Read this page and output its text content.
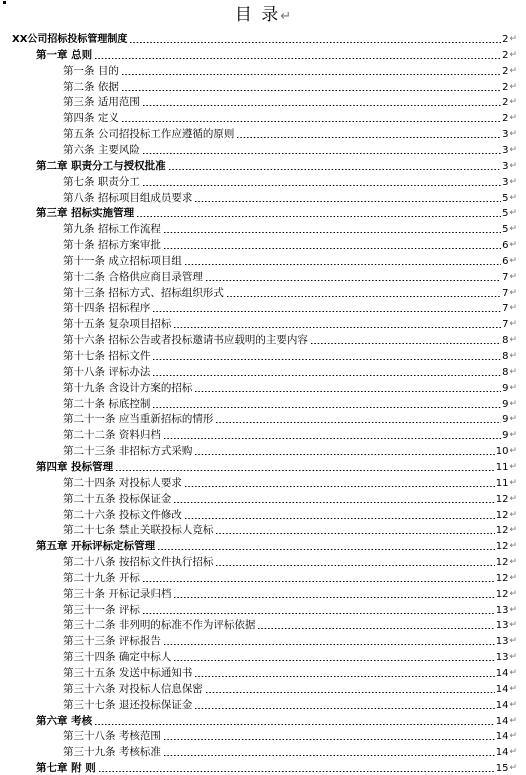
目 录↵
XX公司招标投标管理制度	2 ↵
第一章 总则	2 ↵
第一条 目的	2 ↵
第二条 依据	2 ↵
第三条 适用范围	2 ↵
第四条 定义	2 ↵
第五条 公司招投标工作应遵循的原则	3 ↵
第六条 主要风险	3 ↵
第二章 职责分工与授权批准	3 ↵
第七条 职责分工	3 ↵
第八条 招标项目组成员要求	5 ↵
第三章 招标实施管理	5 ↵
第九条 招标工作流程	5 ↵
第十条 招标方案审批	6 ↵
第十一条 成立招标项目组	6 ↵
第十二条 合格供应商目录管理	7 ↵
第十三条 招标方式、招标组织形式	7 ↵
第十四条 招标程序	7 ↵
第十五条 复杂项目招标	7 ↵
第十六条 招标公告或者投标邀请书应载明的主要内容	8 ↵
第十七条 招标文件	8 ↵
第十八条 评标办法	8 ↵
第十九条 含设计方案的招标	9 ↵
第二十条 标底控制	9 ↵
第二十一条 应当重新招标的情形	9 ↵
第二十二条 资料归档	9 ↵
第二十三条 非招标方式采购	10 ↵
第四章 投标管理	11 ↵
第二十四条 对投标人要求	11 ↵
第二十五条 投标保证金	12 ↵
第二十六条 投标文件修改	12 ↵
第二十七条 禁止关联投标人竞标	12 ↵
第五章 开标评标定标管理	12 ↵
第二十八条 按招标文件执行招标	12 ↵
第二十九条 开标	12 ↵
第三十条 开标记录归档	12 ↵
第三十一条 评标	13 ↵
第三十二条 非列明的标准不作为评标依据	13 ↵
第三十三条 评标报告	13 ↵
第三十四条 确定中标人	13 ↵
第三十五条 发送中标通知书	14 ↵
第三十六条 对投标人信息保密	14 ↵
第三十七条 退还投标保证金	14 ↵
第六章 考核	14 ↵
第三十八条 考核范围	14 ↵
第三十九条 考核标准	14 ↵
第七章 附 则	15 ↵
